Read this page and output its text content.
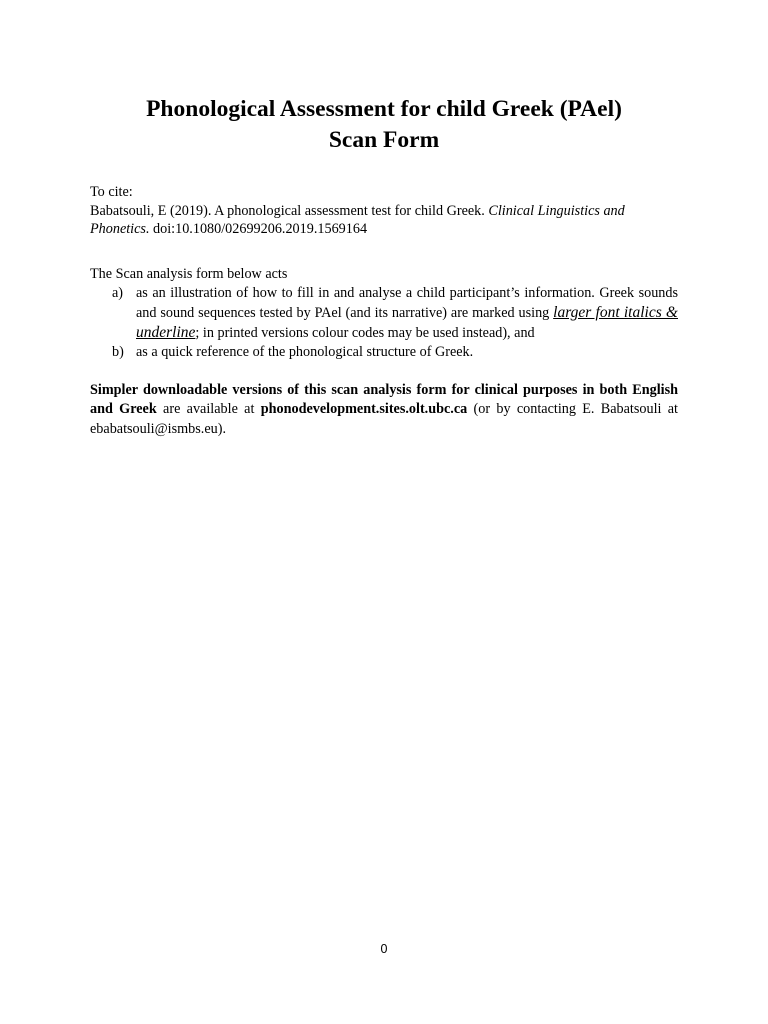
Phonological Assessment for child Greek (PAel)
Scan Form

To cite:

Babatsouli, E (2019). A phonological assessment test for child Greek. Clinical Linguistics and Phonetics. doi:10.1080/02699206.2019.1569164

The Scan analysis form below acts

a) as an illustration of how to fill in and analyse a child participant’s information. Greek sounds and sound sequences tested by PAel (and its narrative) are marked using larger font italics & underline; in printed versions colour codes may be used instead), and
b) as a quick reference of the phonological structure of Greek.

Simpler downloadable versions of this scan analysis form for clinical purposes in both English and Greek are available at phonodevelopment.sites.olt.ubc.ca (or by contacting E. Babatsouli at ebabatsouli@ismbs.eu).

0
